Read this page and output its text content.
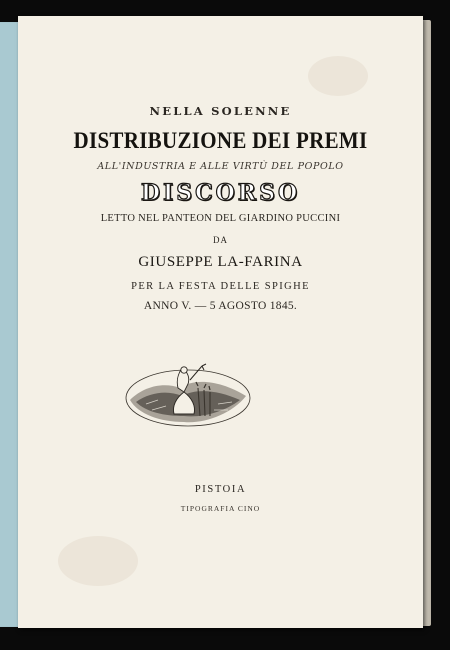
NELLA SOLENNE
DISTRIBUZIONE DEI PREMI
ALL'INDUSTRIA E ALLE VIRTÙ DEL POPOLO
DISCORSO
LETTO NEL PANTEON DEL GIARDINO PUCCINI
DA
GIUSEPPE LA-FARINA
PER LA FESTA DELLE SPIGHE
ANNO V. — 5 AGOSTO 1845.
PISTOIA
TIPOGRAFIA CINO
